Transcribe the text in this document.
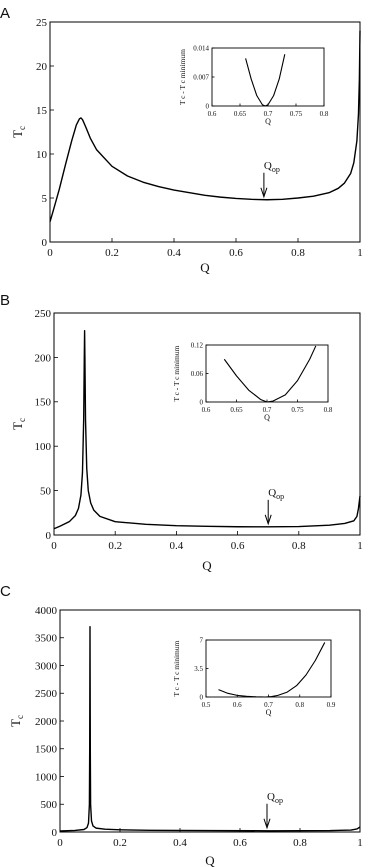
A
0	0.2	0.4	0.6	0.8	1
0
5
10
15
20
25
Q
$T_c$
$Q_{op}$
0.6	0.65	0.7	0.75	0.8
0
0.007
0.014
Q
T c - T c minimum
B
0	0.2	0.4	0.6	0.8	1
0
50
100
150
200
250
Q
$T_c$
$Q_{op}$
0.6	0.65	0.7	0.75	0.8
0
0.06
0.12
Q
T c - T c minimum
C
0	0.2	0.4	0.6	0.8	1
0
500
1000
1500
2000
2500
3000
3500
4000
Q
$T_c$
$Q_{op}$
0.5	0.6	0.7	0.8	0.9
0
3.5
7
Q
T c - T c minimum
